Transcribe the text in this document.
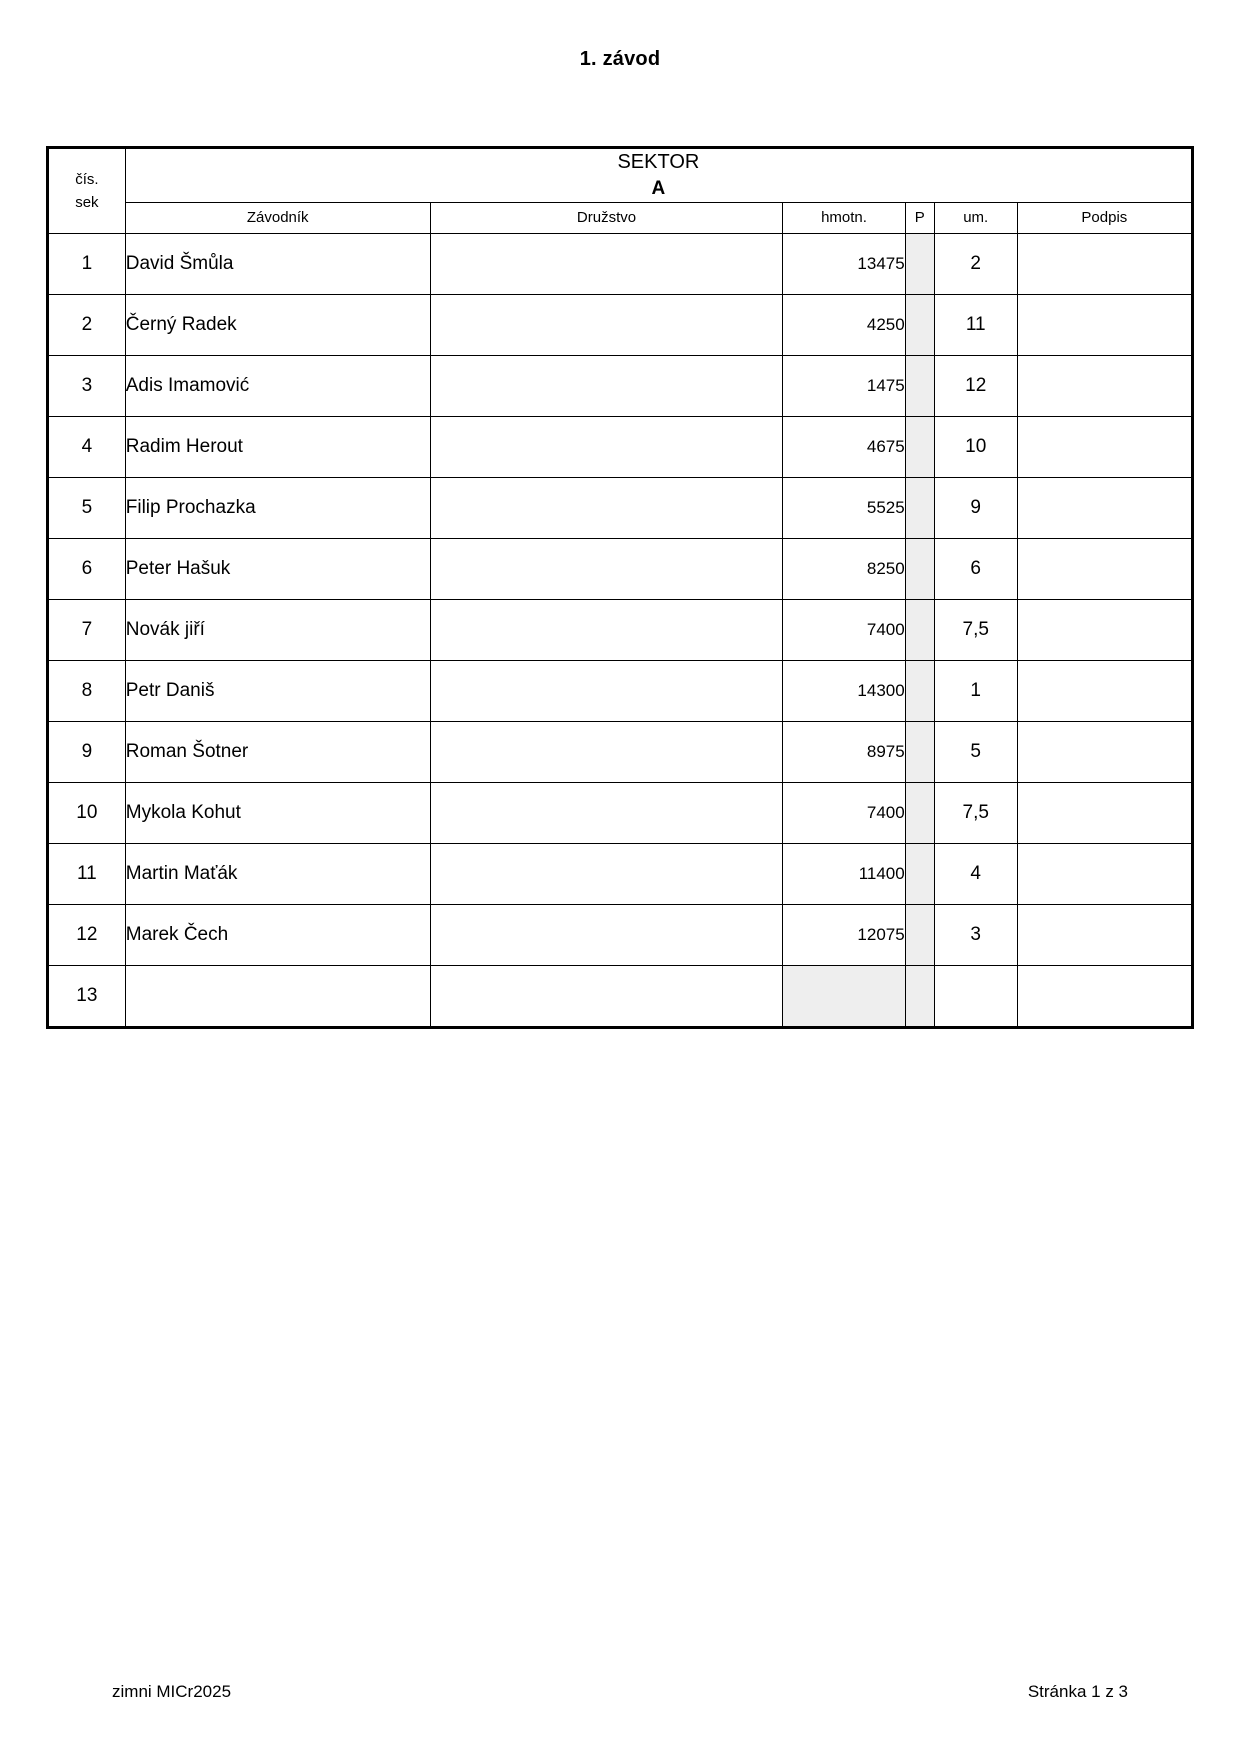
1. závod
čís.
sek	SEKTOR
A					

	Závodník	Družstvo	hmotn.	P	um.	Podpis
1	David Šmůla		13475		2	
2	Černý Radek		4250		11	
3	Adis Imamović		1475		12	
4	Radim Herout		4675		10	
5	Filip Prochazka		5525		9	
6	Peter Hašuk		8250		6	
7	Novák jiří		7400		7,5	
8	Petr Daniš		14300		1	
9	Roman Šotner		8975		5	
10	Mykola Kohut		7400		7,5	
11	Martin Maťák		11400		4	
12	Marek Čech		12075		3	
13						
zimni MICr2025	Stránka 1 z 3
